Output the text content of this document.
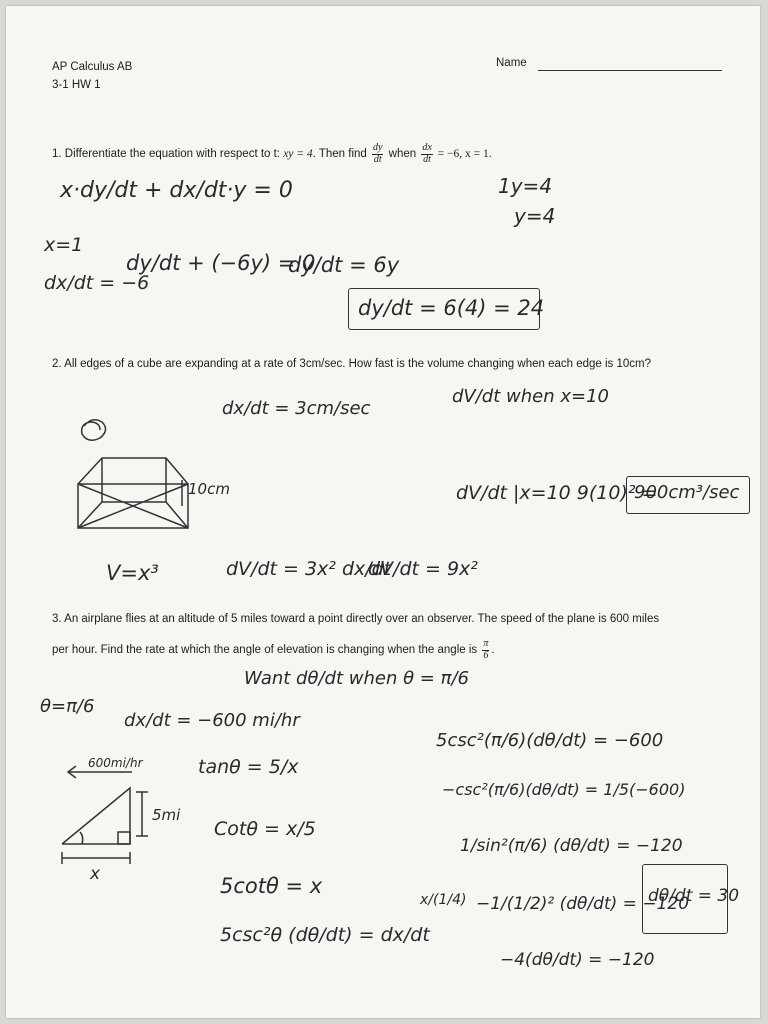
AP Calculus AB
3-1 HW 1
Name
1. Differentiate the equation with respect to t: xy = 4. Then find $\frac{dy}{dt}$ when $\frac{dx}{dt} = -6$, x = 1.
x·dy/dt + dx/dt·y = 0
x=1
dx/dt = −6
dy/dt + (−6y) = 0
dy/dt = 6y
1y=4
y=4
dy/dt = 6(4) = 24
2. All edges of a cube are expanding at a rate of 3cm/sec. How fast is the volume changing when each edge is 10cm?
dx/dt = 3cm/sec
dV/dt when x=10
10cm
V=x³	dV/dt = 3x² dx/dt
dV/dt = 9x²
dV/dt |x=10 9(10)² =
900cm³/sec
3. An airplane flies at an altitude of 5 miles toward a point directly over an observer. The speed of the plane is 600 miles
per hour. Find the rate at which the angle of elevation is changing when the angle is $\frac{\pi}{6}$ .
Want dθ/dt when θ = π/6
θ=π/6
dx/dt = −600 mi/hr
600mi/hr
5mi
x
tanθ = 5/x
Cotθ = x/5
5cotθ = x
5csc²θ (dθ/dt) = dx/dt
5csc²(π/6)(dθ/dt) = −600
−csc²(π/6)(dθ/dt) = 1/5(−600)
1/sin²(π/6) (dθ/dt) = −120
x/(1/4) −1/(1/2)² (dθ/dt) = −120
−4(dθ/dt) = −120
dθ/dt = 30
